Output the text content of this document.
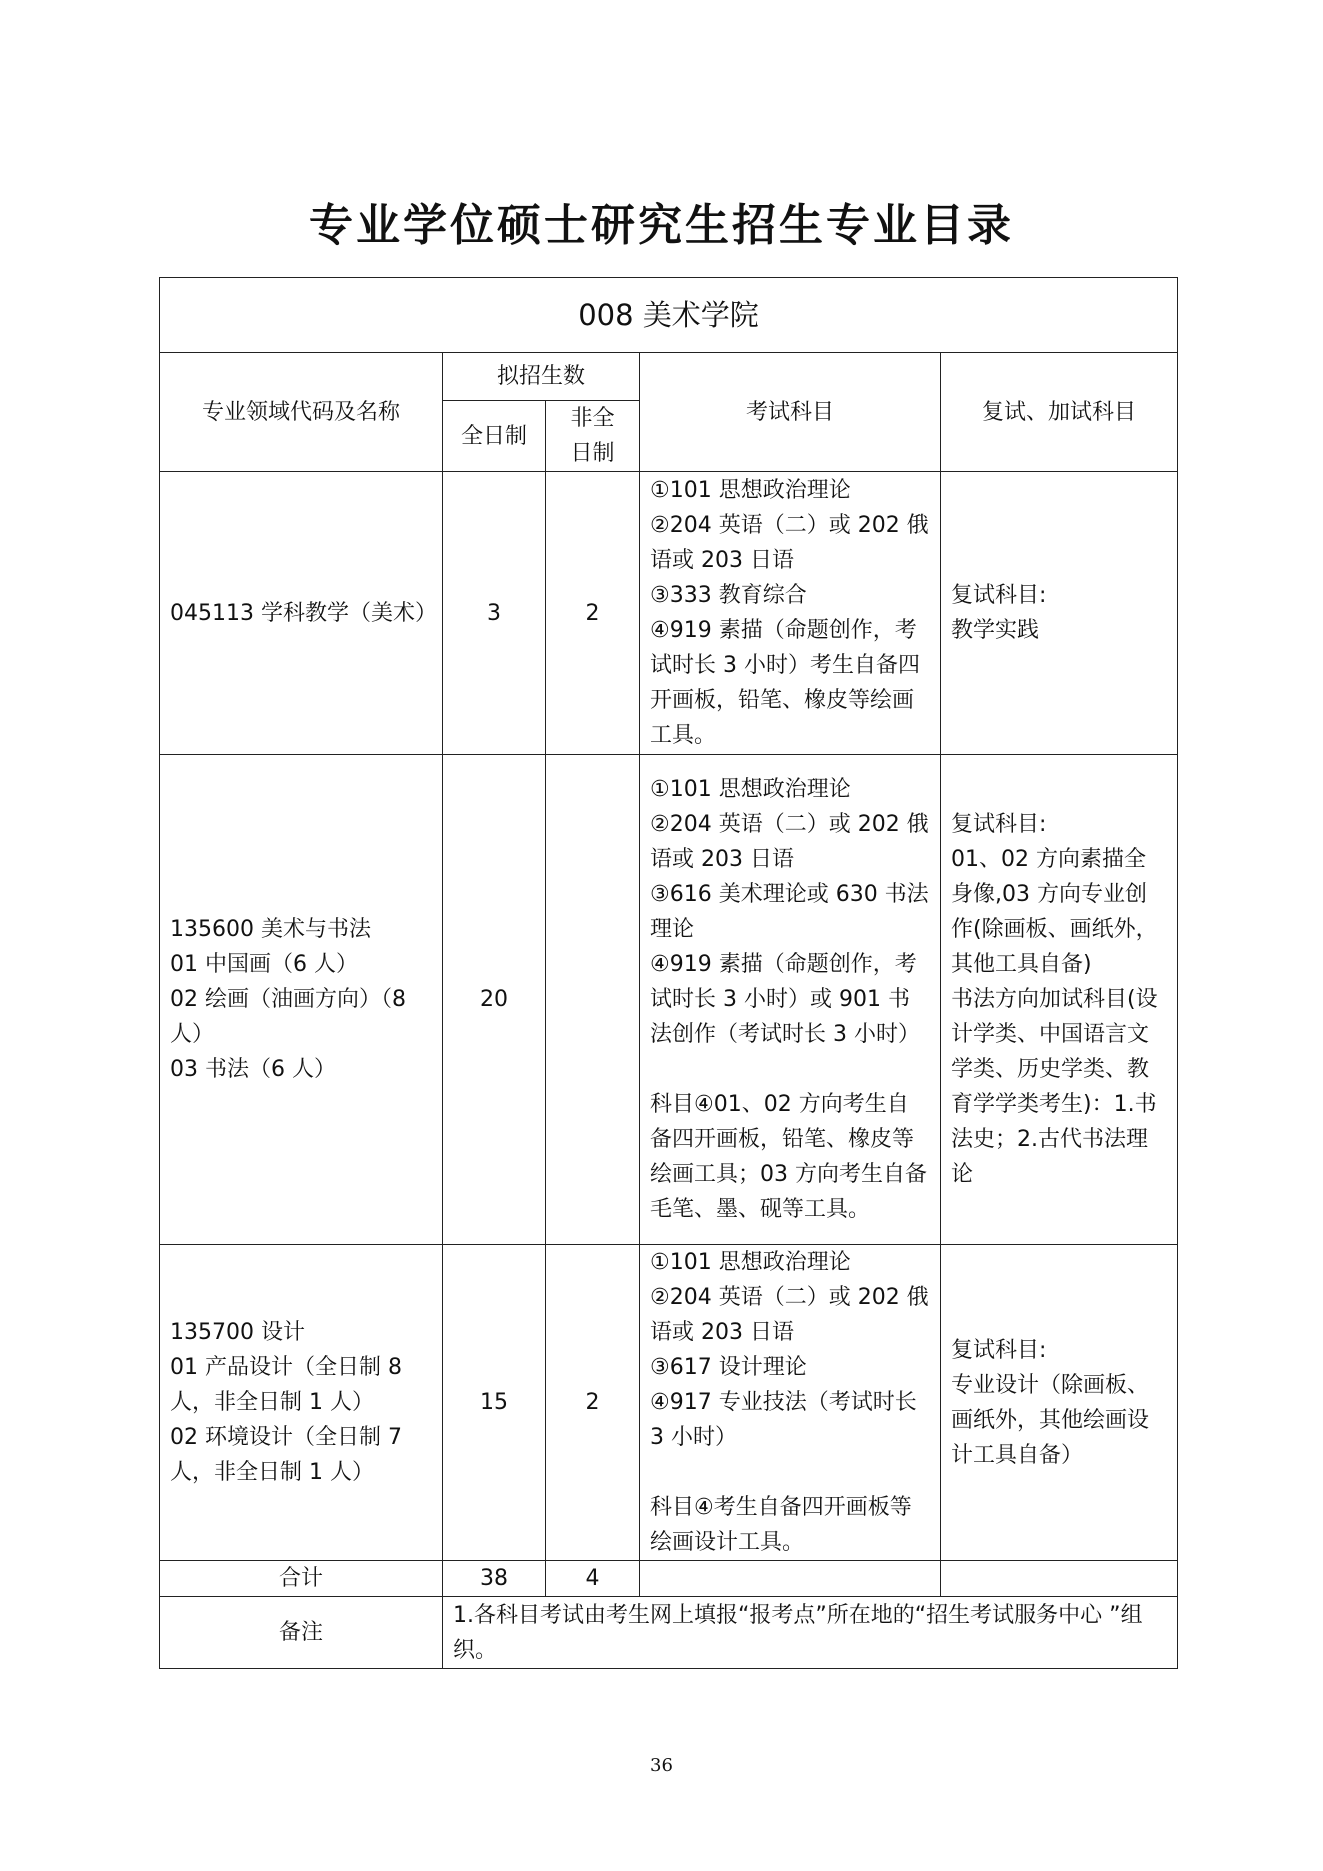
专业学位硕士研究生招生专业目录
008 美术学院				
专业领域代码及名称	拟招生数		考试科目	复试、加试科目
	全日制	非全
日制		

045113 学科教学（美术）	3	2	①101 思想政治理论
②204 英语（二）或 202 俄语或 203 日语
③333 教育综合
④919 素描（命题创作，考试时长 3 小时）考生自备四开画板，铅笔、橡皮等绘画工具。	复试科目:
教学实践

135600 美术与书法
01 中国画（6 人）
02 绘画（油画方向）（8 人）
03 书法（6 人）	20		①101 思想政治理论
②204 英语（二）或 202 俄语或 203 日语
③616 美术理论或 630 书法理论
④919 素描（命题创作，考试时长 3 小时）或 901 书法创作（考试时长 3 小时）
科目④01、02 方向考生自备四开画板，铅笔、橡皮等绘画工具；03 方向考生自备毛笔、墨、砚等工具。	复试科目:
01、02 方向素描全身像,03 方向专业创作(除画板、画纸外，其他工具自备)
书法方向加试科目(设计学类、中国语言文学类、历史学类、教育学学类考生)：1.书法史；2.古代书法理论

135700 设计
01 产品设计（全日制 8 人，非全日制 1 人）
02 环境设计（全日制 7 人，非全日制 1 人）	15	2	①101 思想政治理论
②204 英语（二）或 202 俄语或 203 日语
③617 设计理论
④917 专业技法（考试时长 3 小时）
科目④考生自备四开画板等绘画设计工具。	复试科目:
专业设计（除画板、画纸外，其他绘画设计工具自备）

合计	38	4		
备注	1.各科目考试由考生网上填报“报考点”所在地的“招生考试服务中心 ”组织。			
36
